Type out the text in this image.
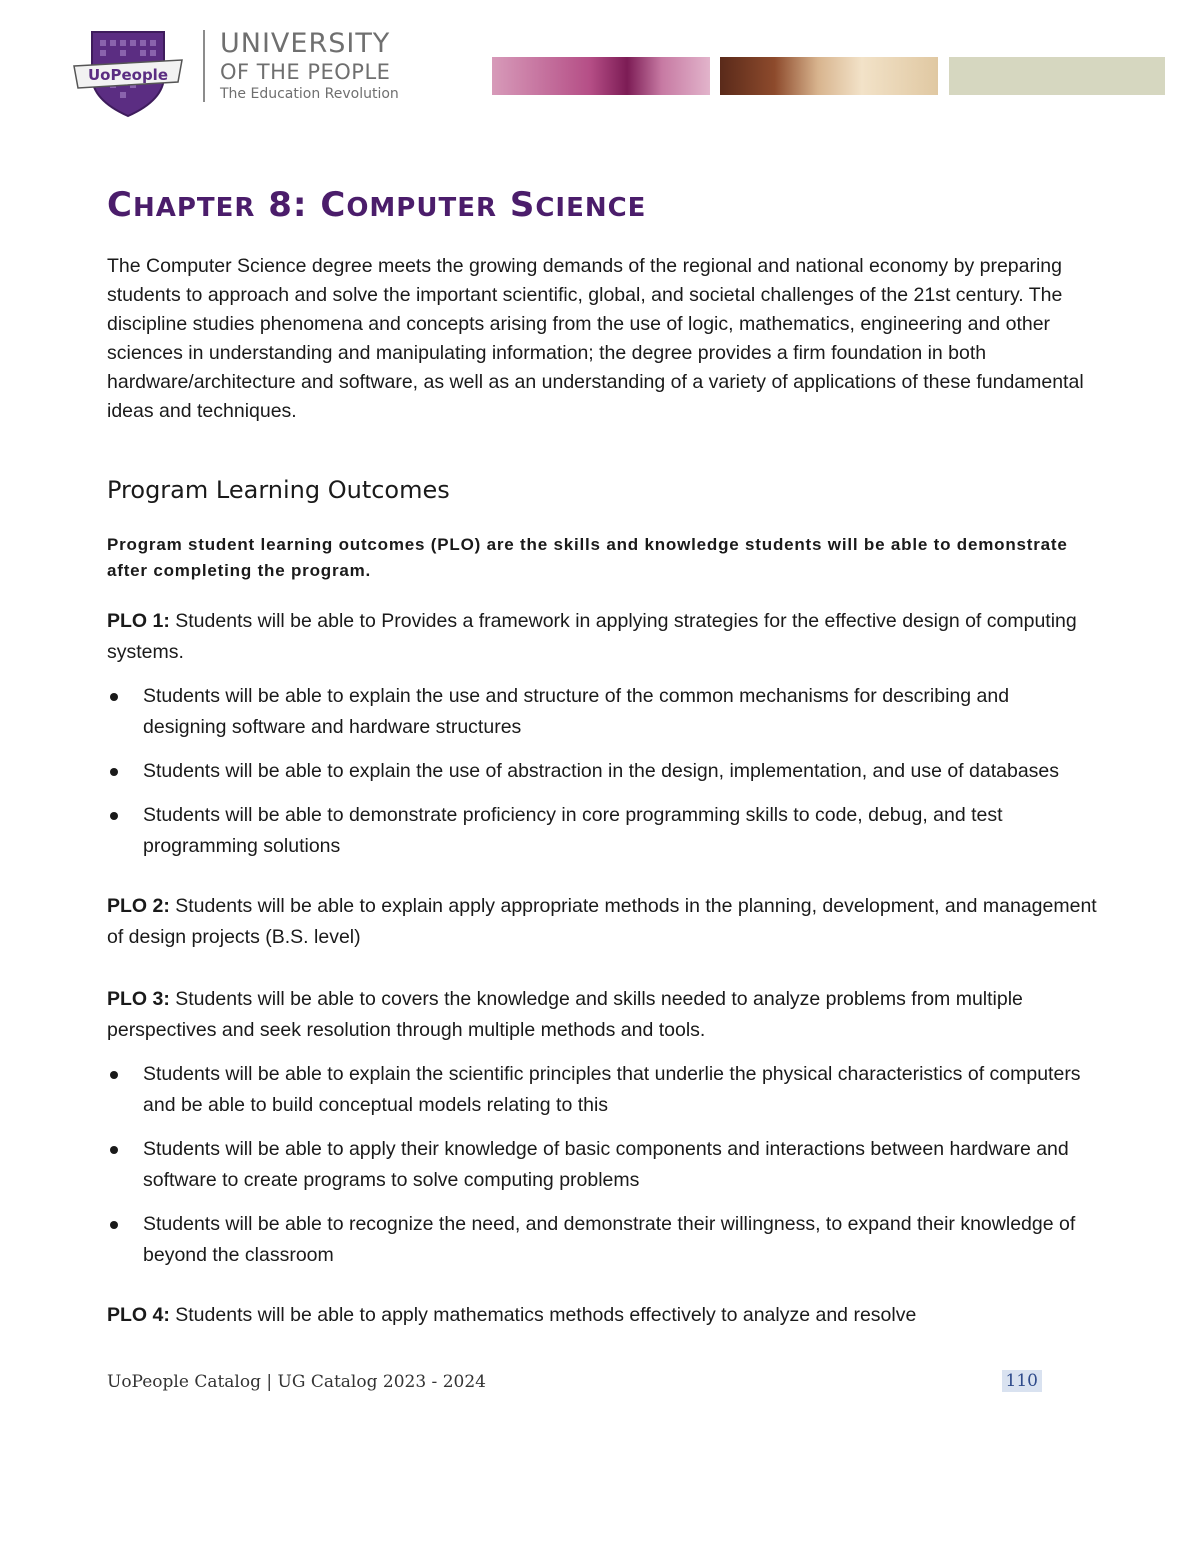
UoPeople
UNIVERSITY
OF THE PEOPLE
The Education Revolution
CHAPTER 8: COMPUTER SCIENCE

The Computer Science degree meets the growing demands of the regional and national economy by preparing students to approach and solve the important scientific, global, and societal challenges of the 21st century. The discipline studies phenomena and concepts arising from the use of logic, mathematics, engineering and other sciences in understanding and manipulating information; the degree provides a firm foundation in both hardware/architecture and software, as well as an understanding of a variety of applications of these fundamental ideas and techniques.

Program Learning Outcomes

Program student learning outcomes (PLO) are the skills and knowledge students will be able to demonstrate after completing the program.

PLO 1: Students will be able to Provides a framework in applying strategies for the effective design of computing systems.

Students will be able to explain the use and structure of the common mechanisms for describing and designing software and hardware structures
Students will be able to explain the use of abstraction in the design, implementation, and use of databases
Students will be able to demonstrate proficiency in core programming skills to code, debug, and test programming solutions

PLO 2: Students will be able to explain apply appropriate methods in the planning, development, and management of design projects (B.S. level)

PLO 3: Students will be able to covers the knowledge and skills needed to analyze problems from multiple perspectives and seek resolution through multiple methods and tools.

Students will be able to explain the scientific principles that underlie the physical characteristics of computers and be able to build conceptual models relating to this
Students will be able to apply their knowledge of basic components and interactions between hardware and software to create programs to solve computing problems
Students will be able to recognize the need, and demonstrate their willingness, to expand their knowledge of beyond the classroom

PLO 4: Students will be able to apply mathematics methods effectively to analyze and resolve

UoPeople Catalog | UG Catalog 2023 - 2024	110
